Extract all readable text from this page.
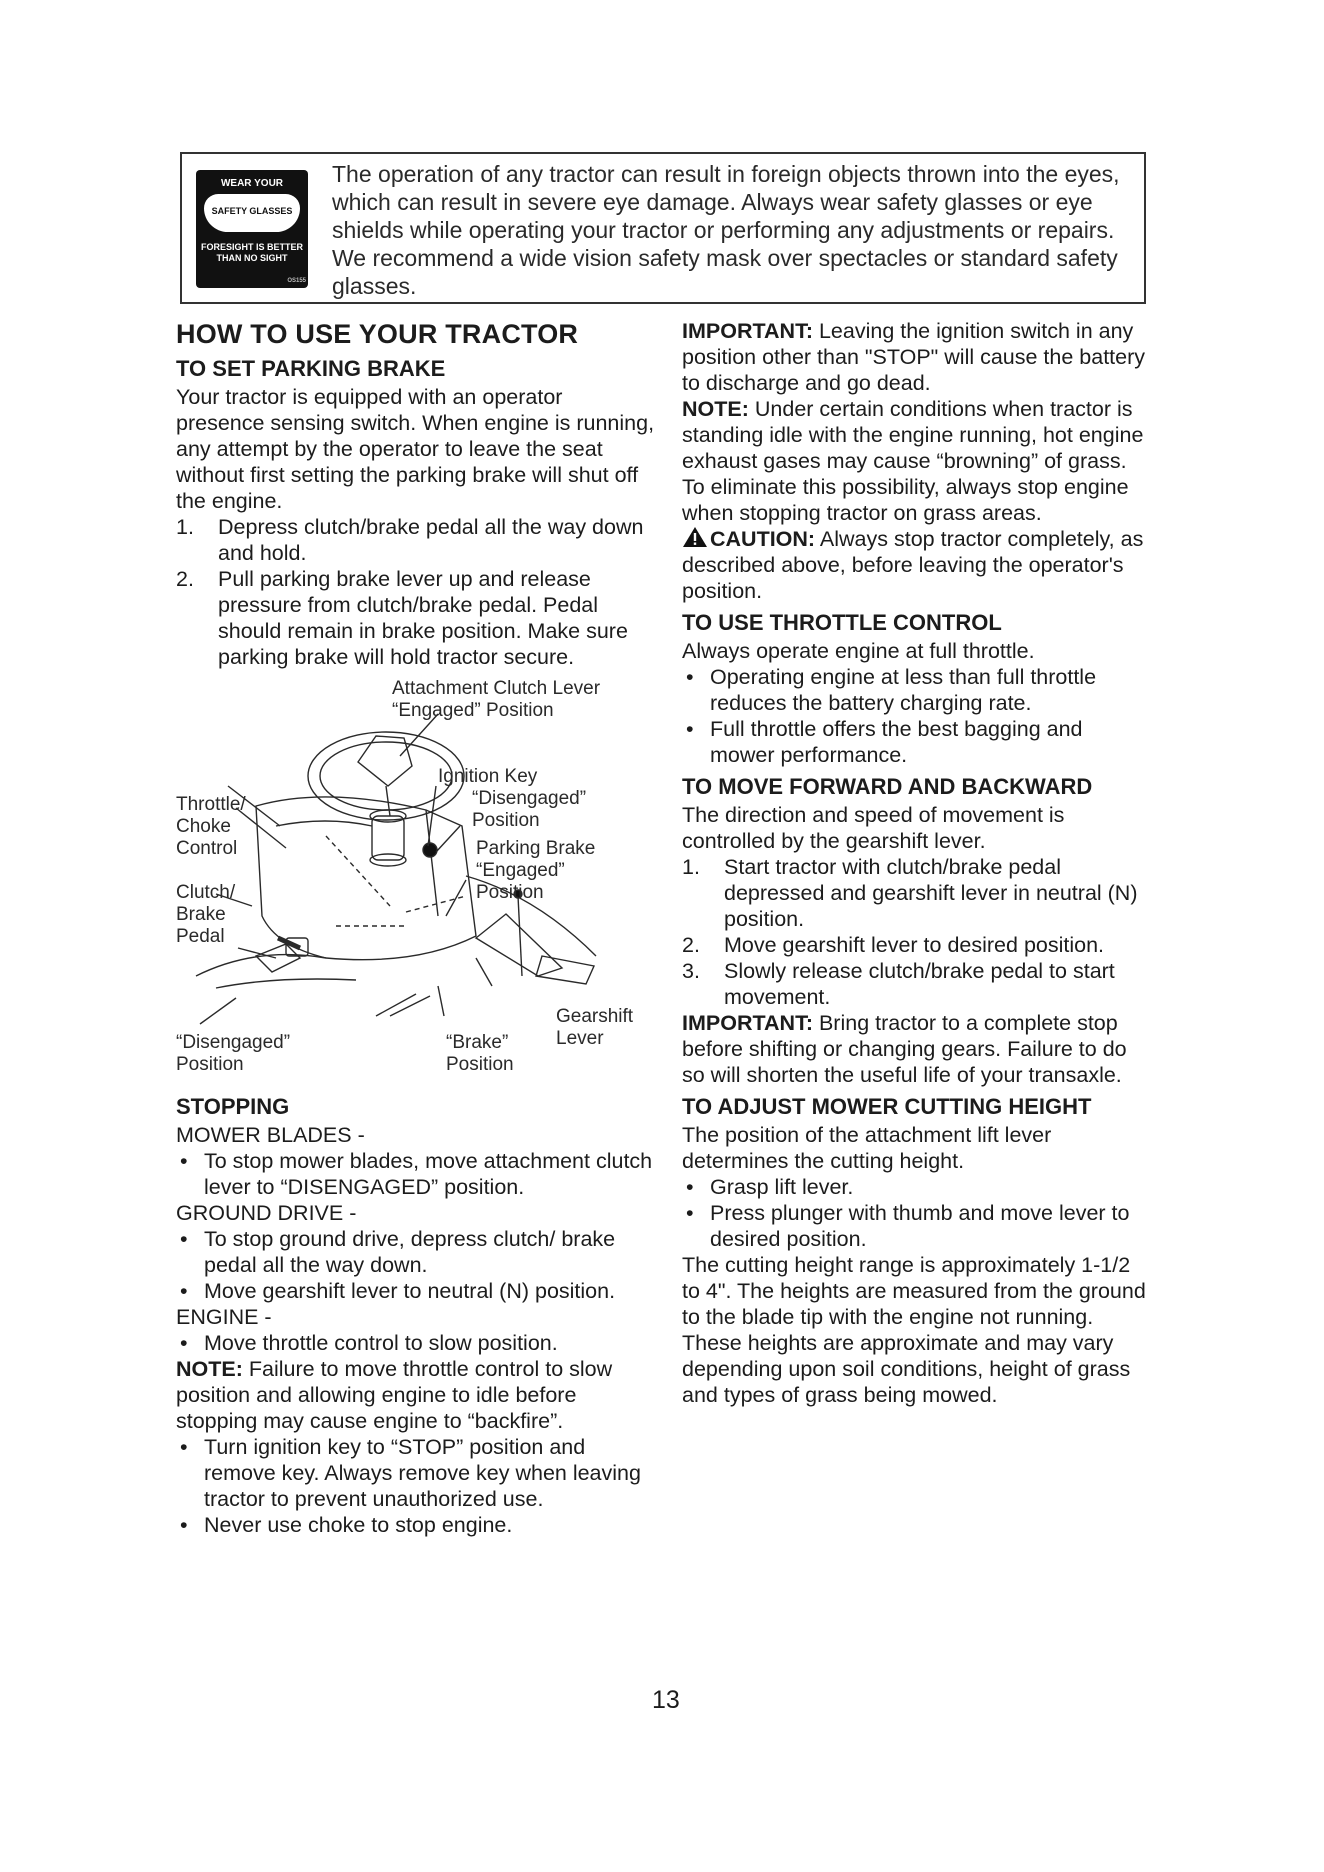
WEAR YOUR
SAFETY GLASSES
FORESIGHT IS BETTER THAN NO SIGHT
OS155
The operation of any tractor can result in foreign objects thrown into the eyes, which can result in severe eye damage. Always wear safety glasses or eye shields while operating your tractor or performing any adjustments or repairs. We recommend a wide vision safety mask over spectacles or standard safety glasses.

HOW TO USE YOUR TRACTOR

TO SET PARKING BRAKE

Your tractor is equipped with an operator presence sensing switch. When engine is running, any attempt by the operator to leave the seat without first setting the parking brake will shut off the engine.

1. Depress clutch/brake pedal all the way down and hold.
2. Pull parking brake lever up and release pressure from clutch/brake pedal. Pedal should remain in brake position. Make sure parking brake will hold tractor secure.
Attachment Clutch Lever
“Engaged” Position
Ignition Key
“Disengaged”
Position
Throttle/
Choke
Control	Parking Brake
“Engaged”
Position
Clutch/
Brake
Pedal
Gearshift
Lever
“Disengaged”
Position
“Brake”
Position

STOPPING

MOWER BLADES -

• To stop mower blades, move attachment clutch lever to “DISENGAGED” position.

GROUND DRIVE -

• To stop ground drive, depress clutch/ brake pedal all the way down.
• Move gearshift lever to neutral (N) position.

ENGINE -

• Move throttle control to slow position.

NOTE: Failure to move throttle control to slow position and allowing engine to idle before stopping may cause engine to “backfire”.

• Turn ignition key to “STOP” position and remove key. Always remove key when leaving tractor to prevent unauthorized use.
• Never use choke to stop engine.

IMPORTANT: Leaving the ignition switch in any position other than "STOP" will cause the battery to discharge and go dead.

NOTE: Under certain conditions when tractor is standing idle with the engine running, hot engine exhaust gases may cause “browning” of grass. To eliminate this possibility, always stop engine when stopping tractor on grass areas.

CAUTION: Always stop tractor completely, as described above, before leaving the operator's position.

TO USE THROTTLE CONTROL

Always operate engine at full throttle.

• Operating engine at less than full throttle reduces the battery charging rate.
• Full throttle offers the best bagging and mower performance.

TO MOVE FORWARD AND BACKWARD

The direction and speed of movement is controlled by the gearshift lever.

1. Start tractor with clutch/brake pedal depressed and gearshift lever in neutral (N) position.
2. Move gearshift lever to desired position.
3. Slowly release clutch/brake pedal to start movement.

IMPORTANT: Bring tractor to a complete stop before shifting or changing gears. Failure to do so will shorten the useful life of your transaxle.

TO ADJUST MOWER CUTTING HEIGHT

The position of the attachment lift lever determines the cutting height.

• Grasp lift lever.
• Press plunger with thumb and move lever to desired position.

The cutting height range is approximately 1-1/2 to 4". The heights are measured from the ground to the blade tip with the engine not running. These heights are approximate and may vary depending upon soil conditions, height of grass and types of grass being mowed.

13
